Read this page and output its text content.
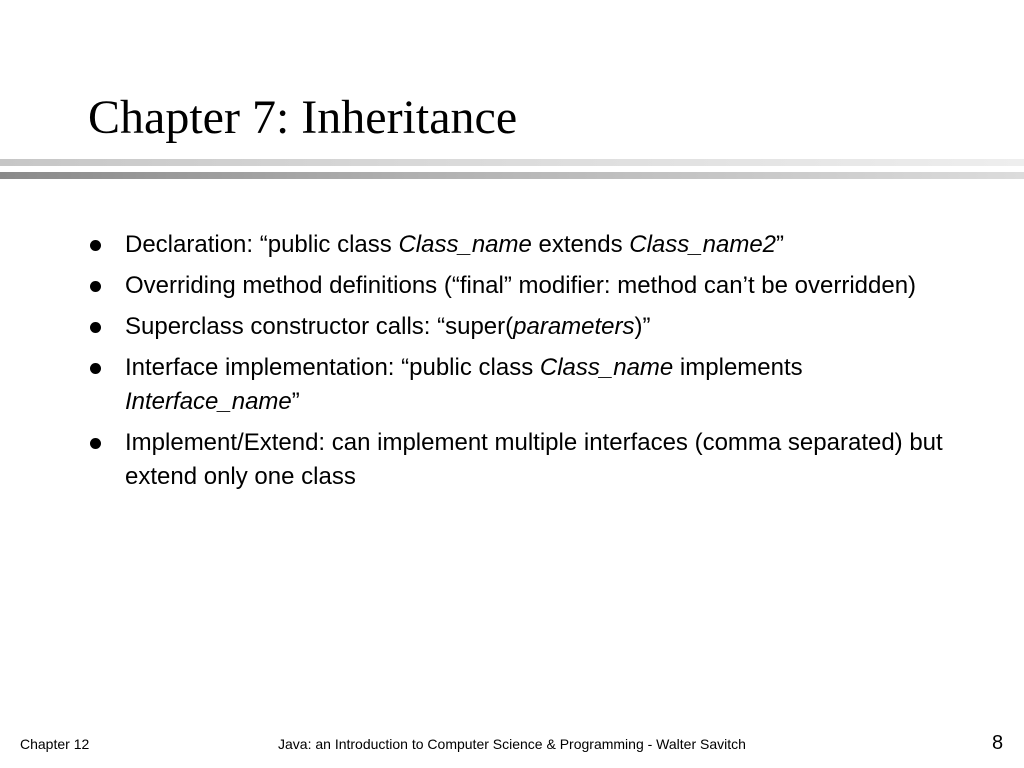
Chapter 7: Inheritance
Declaration: “public class Class_name extends Class_name2”
Overriding method definitions (“final” modifier: method can’t be overridden)
Superclass constructor calls: “super(parameters)”
Interface implementation: “public class Class_name implements Interface_name”
Implement/Extend: can implement multiple interfaces (comma separated) but extend only one class
Chapter 12	Java: an Introduction to Computer Science & Programming - Walter Savitch	8
